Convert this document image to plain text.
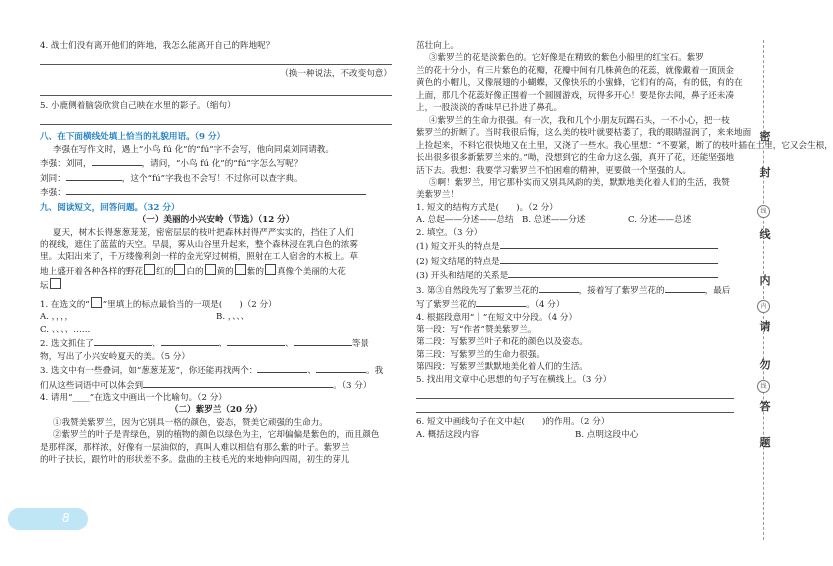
4. 战士们没有离开他们的阵地，我怎么能离开自己的阵地呢？
（换一种说法，不改变句意）
5. 小鹿侧着脑袋欣赏自己映在水里的影子。（缩句）
八、在下面横线处填上恰当的礼貌用语。（9 分）
李强在写作文时，遇上“小鸟 fú 化”的“fú”字不会写，他向同桌刘同请教。
李强：刘同，	，请问，“小鸟 fú 化”的“fú”字怎么写呢？
刘同：	，这个“fú”字我也不会写！不过你可以查字典。
李强：
九、阅读短文，回答问题。（32 分）
（一）美丽的小兴安岭（节选）（12 分）
夏天，树木长得葱葱茏茏，密密层层的枝叶把森林封得严严实实的，挡住了人们
的视线，遮住了蓝蓝的天空。早晨，雾从山谷里升起来，整个森林浸在乳白色的浓雾
里。太阳出来了，千万缕像利剑一样的金光穿过树梢，照射在工人宿舍的木板上。草
地上盛开着各种各样的野花 红的 白的 黄的 紫的 真像个美丽的大花
坛
1. 在选文的“ ”里填上的标点最恰当的一项是(　　)（2 分）
A. ，，，，	B. ，、、、
C. 、、、、……
2. 选文抓住了	、	、	、	等景
物，写出了小兴安岭夏天的美。（5 分）
3. 选文中有一些叠词，如“葱葱茏茏”，你还能再找两个：	、	。我
们从这些词语中可以体会到	。（3 分）
4. 请用“____”在选文中画出一个比喻句。（2 分）
（二）紫罗兰（20 分）
①我赞美紫罗兰，因为它别具一格的颜色，姿态，赞美它顽强的生命力。
②紫罗兰的叶子是青绿色，别的植物的颜色以绿色为主，它却偏偏是紫色的，而且颜色
是那样深，那样浓，好像有一层油似的，真叫人难以相信有那么紫的叶子。紫罗兰
的叶子扶长，跟竹叶的形状差不多。盘曲的主枝毛光的来地伸向四周，初生的芽儿
茁壮向上。
③紫罗兰的花是淡紫色的。它好像是在精致的紫色小船里的红宝石。紫罗
兰的花十分小，有三片紫色的花瓣，花瓣中间有几株黄色的花蕊，就像戴着一顶顶金
黄色的小帽儿，又像展翅的小蝴蝶，又像快乐的小蜜蜂，它们有的高，有的低，有的在
上面，那几个花蕊好像正围着一个圆圆游戏，玩得多开心！要是你去闻，鼻子还未凑
上，一股淡淡的香味早已扑进了鼻孔。
④紫罗兰的生命力很强。有一次，我和几个小朋友玩踢石头，一不小心，把一枝
紫罗兰的折断了。当时我很后悔，这么美的枝叶就要枯萎了，我的眼睛湿润了，来来地面
上捡起来，不料它很快地又在土里，又浇了一些水。我心里想：“不要紧，断了的枝叶插在土里，它又会生根，
长出很多很多新紫罗兰来的。”呦，没想到它的生命力这么强，真开了花，还能坚强地
活下去。我想：我要学习紫罗兰不怕困难的精神，更要做一个坚强的人。
⑤啊！紫罗兰，用它那朴实而又别具风韵的美，默默地美化着人们的生活，我赞
美紫罗兰！
1. 短文的结构方式是(　　)。（2 分）
A. 总起——分述——总结 B. 总述——分述	C. 分述——总述
2. 填空。（3 分）
(1) 短文开头的特点是
(2) 短文结尾的特点是
(3) 开头和结尾的关系是
3. 第③自然段先写了紫罗兰花的	，接着写了紫罗兰花的	，最后
写了紫罗兰花的	。（4 分）
4. 根据段意用“｜”在短文中分段。（4 分）
第一段：写“作者”赞美紫罗兰。
第二段：写紫罗兰叶子和花的颜色以及姿态。
第三段：写紫罗兰的生命力很强。
第四段：写紫罗兰默默地美化着人们的生活。
5. 找出用文章中心思想的句子写在横线上。（3 分）
6. 短文中画线句子在文中起(　　)的作用。（2 分）
A. 概括这段内容	B. 点明这段中心
密
封
线
线
内
内
请
勿
线
答
题
8
